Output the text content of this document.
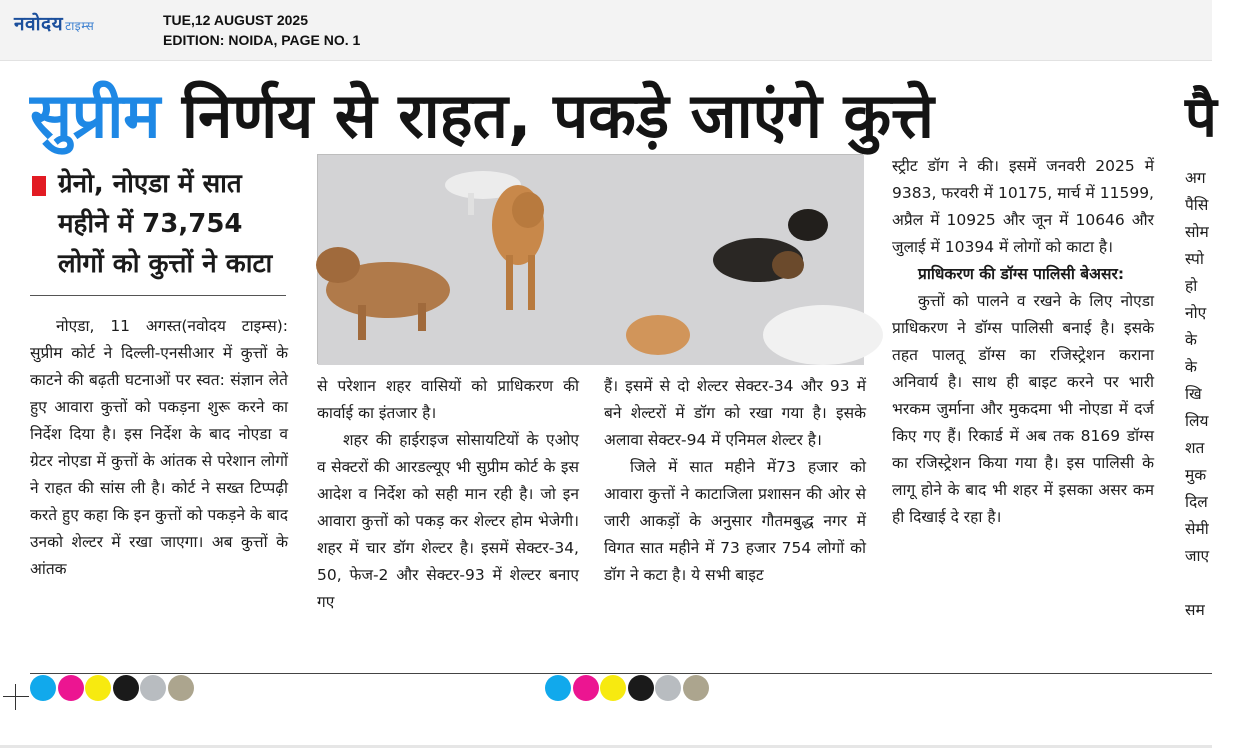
नवोदय टाइम्स	TUE,12 AUGUST 2025
EDITION: NOIDA, PAGE NO. 1
सुप्रीम निर्णय से राहत, पकड़े जाएंगे कुत्ते	पै
ग्रेनो, नोएडा में सात महीने में 73,754 लोगों को कुत्तों ने काटा

नोएडा, 11 अगस्त(नवोदय टाइम्स): सुप्रीम कोर्ट ने दिल्ली-एनसीआर में कुत्तों के काटने की बढ़ती घटनाओं पर स्वत: संज्ञान लेते हुए आवारा कुत्तों को पकड़ना शुरू करने का निर्देश दिया है। इस निर्देश के बाद नोएडा व ग्रेटर नोएडा में कुत्तों के आंतक से परेशान लोगों ने राहत की सांस ली है। कोर्ट ने सख्त टिप्पढ़ी करते हुए कहा कि इन कुत्तों को पकड़ने के बाद उनको शेल्टर में रखा जाएगा। अब कुत्तों के आंतक

से परेशान शहर वासियों को प्राधिकरण की कार्वाई का इंतजार है।

शहर की हाईराइज सोसायटियों के एओए व सेक्टरों की आरडल्यूए भी सुप्रीम कोर्ट के इस आदेश व निर्देश को सही मान रही है। जो इन आवारा कुत्तों को पकड़ कर शेल्टर होम भेजेगी।शहर में चार डॉग शेल्टर है। इसमें सेक्टर-34, 50, फेज-2 और सेक्टर-93 में शेल्टर बनाए गए

हैं। इसमें से दो शेल्टर सेक्टर-34 और 93 में बने शेल्टरों में डॉग को रखा गया है। इसके अलावा सेक्टर-94 में एनिमल शेल्टर है।

जिले में सात महीने में73 हजार को आवारा कुत्तों ने काटाजिला प्रशासन की ओर से जारी आकड़ों के अनुसार गौतमबुद्ध नगर में विगत सात महीने में 73 हजार 754 लोगों को डॉग ने कटा है। ये सभी बाइट

स्ट्रीट डॉग ने की। इसमें जनवरी 2025 में 9383, फरवरी में 10175, मार्च में 11599, अप्रैल में 10925 और जून में 10646 और जुलाई में 10394 में लोगों को काटा है।

प्राधिकरण की डॉग्स पालिसी बेअसर:

कुत्तों को पालने व रखने के लिए नोएडा प्राधिकरण ने डॉग्स पालिसी बनाई है। इसके तहत पालतू डॉग्स का रजिस्ट्रेशन कराना अनिवार्य है। साथ ही बाइट करने पर भारी भरकम जुर्माना और मुकदमा भी नोएडा में दर्ज किए गए हैं। रिकार्ड में अब तक 8169 डॉग्स का रजिस्ट्रेशन किया गया है। इस पालिसी के लागू होने के बाद भी शहर में इसका असर कम ही दिखाई दे रहा है।

अग
पैसि
सोम
स्पो
हो
नोए
के
के
खि
लिय
शत
मुक
दिल
सेमी
जाए

सम
